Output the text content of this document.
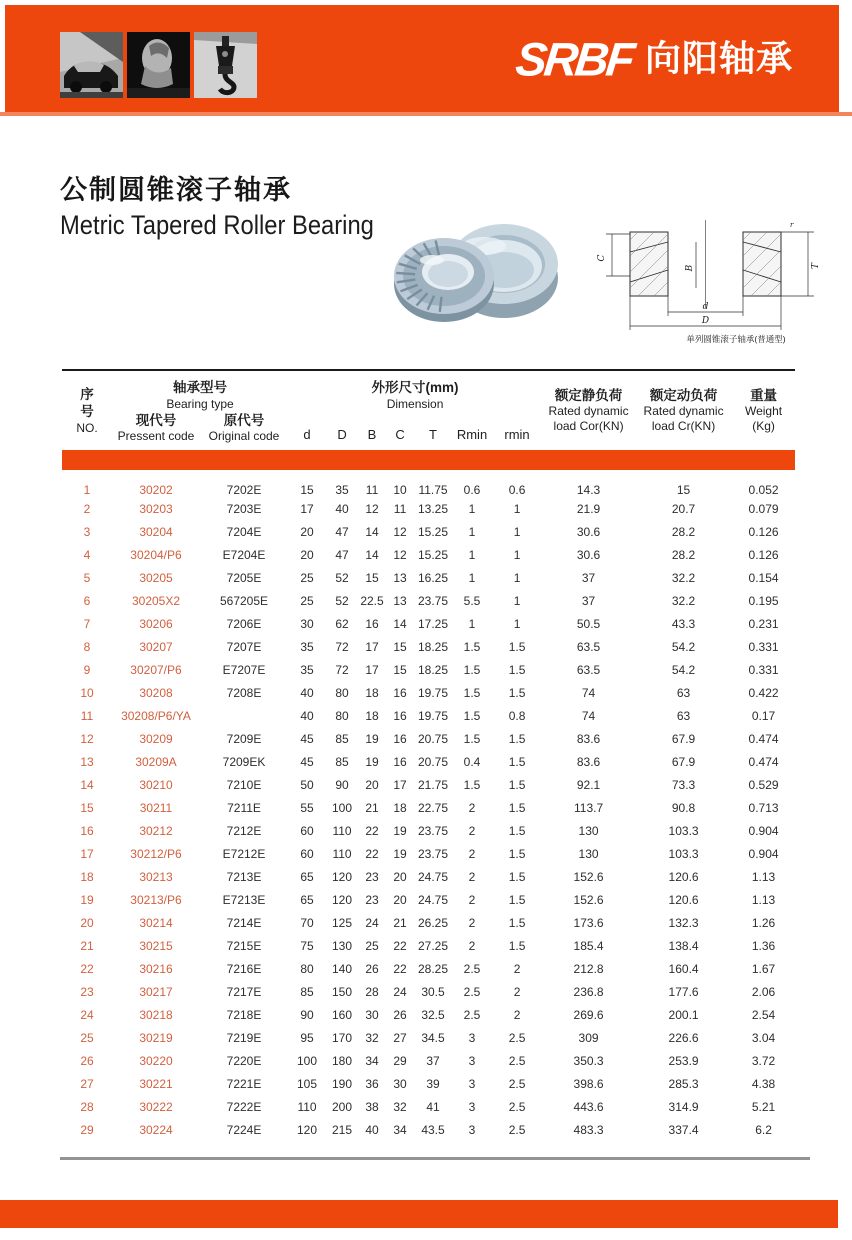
SRBF 向阳轴承
公制圆锥滚子轴承
Metric Tapered Roller Bearing
C
B	T
d
D
r
单列圆锥滚子轴承(普通型)
序
号
NO.	轴承型号
Bearing type		外形尺寸(mm)
Dimension							额定静负荷
Rated dynamic
load Cor(KN)	额定动负荷
Rated dynamic
load Cr(KN)	重量
Weight
(Kg)

	现代号
Pressent code	原代号
Original code	d	D	B	C	T	Rmin	rmin			

1	30202	7202E	15	35	11	10	11.75	0.6	0.6	14.3	15	0.052
2	30203	7203E	17	40	12	11	13.25	1	1	21.9	20.7	0.079
3	30204	7204E	20	47	14	12	15.25	1	1	30.6	28.2	0.126
4	30204/P6	E7204E	20	47	14	12	15.25	1	1	30.6	28.2	0.126
5	30205	7205E	25	52	15	13	16.25	1	1	37	32.2	0.154
6	30205X2	567205E	25	52	22.5	13	23.75	5.5	1	37	32.2	0.195
7	30206	7206E	30	62	16	14	17.25	1	1	50.5	43.3	0.231
8	30207	7207E	35	72	17	15	18.25	1.5	1.5	63.5	54.2	0.331
9	30207/P6	E7207E	35	72	17	15	18.25	1.5	1.5	63.5	54.2	0.331
10	30208	7208E	40	80	18	16	19.75	1.5	1.5	74	63	0.422
11	30208/P6/YA		40	80	18	16	19.75	1.5	0.8	74	63	0.17
12	30209	7209E	45	85	19	16	20.75	1.5	1.5	83.6	67.9	0.474
13	30209A	7209EK	45	85	19	16	20.75	0.4	1.5	83.6	67.9	0.474
14	30210	7210E	50	90	20	17	21.75	1.5	1.5	92.1	73.3	0.529
15	30211	7211E	55	100	21	18	22.75	2	1.5	113.7	90.8	0.713
16	30212	7212E	60	110	22	19	23.75	2	1.5	130	103.3	0.904
17	30212/P6	E7212E	60	110	22	19	23.75	2	1.5	130	103.3	0.904
18	30213	7213E	65	120	23	20	24.75	2	1.5	152.6	120.6	1.13
19	30213/P6	E7213E	65	120	23	20	24.75	2	1.5	152.6	120.6	1.13
20	30214	7214E	70	125	24	21	26.25	2	1.5	173.6	132.3	1.26
21	30215	7215E	75	130	25	22	27.25	2	1.5	185.4	138.4	1.36
22	30216	7216E	80	140	26	22	28.25	2.5	2	212.8	160.4	1.67
23	30217	7217E	85	150	28	24	30.5	2.5	2	236.8	177.6	2.06
24	30218	7218E	90	160	30	26	32.5	2.5	2	269.6	200.1	2.54
25	30219	7219E	95	170	32	27	34.5	3	2.5	309	226.6	3.04
26	30220	7220E	100	180	34	29	37	3	2.5	350.3	253.9	3.72
27	30221	7221E	105	190	36	30	39	3	2.5	398.6	285.3	4.38
28	30222	7222E	110	200	38	32	41	3	2.5	443.6	314.9	5.21
29	30224	7224E	120	215	40	34	43.5	3	2.5	483.3	337.4	6.2
